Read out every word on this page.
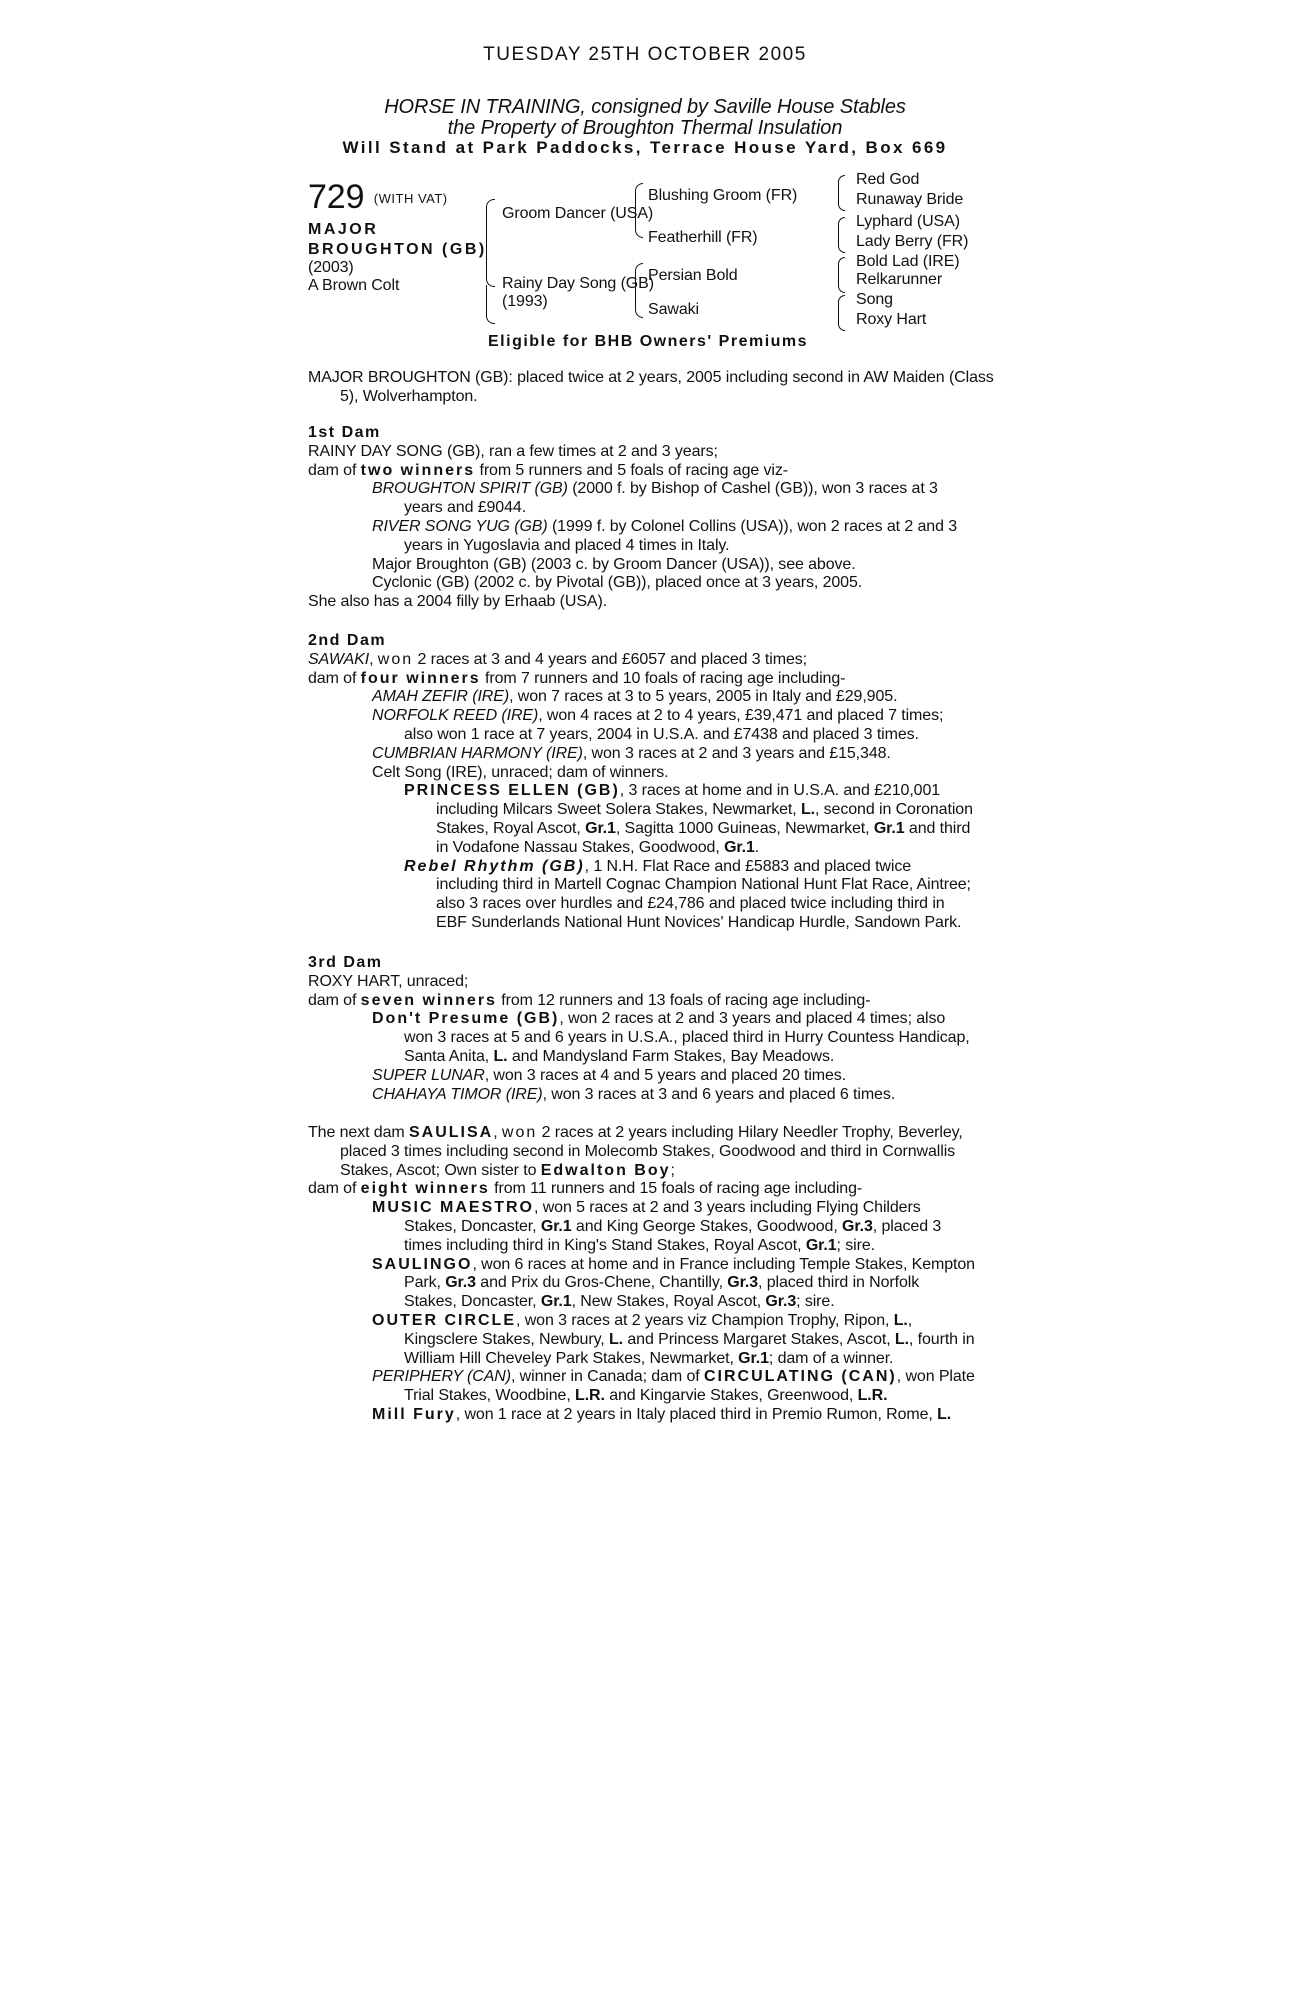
TUESDAY 25TH OCTOBER 2005
HORSE IN TRAINING, consigned by Saville House Stables
the Property of Broughton Thermal Insulation
Will Stand at Park Paddocks, Terrace House Yard, Box 669
729 (WITH VAT)
MAJOR
BROUGHTON (GB)
(2003)
A Brown Colt
Groom Dancer (USA)
Rainy Day Song (GB)
(1993)
Blushing Groom (FR)
Featherhill (FR)
Persian Bold
Sawaki
Red God
Runaway Bride
Lyphard (USA)
Lady Berry (FR)
Bold Lad (IRE)
Relkarunner
Song
Roxy Hart
Eligible for BHB Owners' Premiums
MAJOR BROUGHTON (GB): placed twice at 2 years, 2005 including second in AW Maiden (Class 5), Wolverhampton.

1st Dam

RAINY DAY SONG (GB), ran a few times at 2 and 3 years;

dam of two winners from 5 runners and 5 foals of racing age viz-

BROUGHTON SPIRIT (GB) (2000 f. by Bishop of Cashel (GB)), won 3 races at 3 years and £9044.

RIVER SONG YUG (GB) (1999 f. by Colonel Collins (USA)), won 2 races at 2 and 3 years in Yugoslavia and placed 4 times in Italy.

Major Broughton (GB) (2003 c. by Groom Dancer (USA)), see above.

Cyclonic (GB) (2002 c. by Pivotal (GB)), placed once at 3 years, 2005.

She also has a 2004 filly by Erhaab (USA).

2nd Dam

SAWAKI, won 2 races at 3 and 4 years and £6057 and placed 3 times;

dam of four winners from 7 runners and 10 foals of racing age including-

AMAH ZEFIR (IRE), won 7 races at 3 to 5 years, 2005 in Italy and £29,905.

NORFOLK REED (IRE), won 4 races at 2 to 4 years, £39,471 and placed 7 times; also won 1 race at 7 years, 2004 in U.S.A. and £7438 and placed 3 times.

CUMBRIAN HARMONY (IRE), won 3 races at 2 and 3 years and £15,348.

Celt Song (IRE), unraced; dam of winners.

PRINCESS ELLEN (GB), 3 races at home and in U.S.A. and £210,001 including Milcars Sweet Solera Stakes, Newmarket, L., second in Coronation Stakes, Royal Ascot, Gr.1, Sagitta 1000 Guineas, Newmarket, Gr.1 and third in Vodafone Nassau Stakes, Goodwood, Gr.1.

Rebel Rhythm (GB), 1 N.H. Flat Race and £5883 and placed twice including third in Martell Cognac Champion National Hunt Flat Race, Aintree; also 3 races over hurdles and £24,786 and placed twice including third in EBF Sunderlands National Hunt Novices' Handicap Hurdle, Sandown Park.

3rd Dam

ROXY HART, unraced;

dam of seven winners from 12 runners and 13 foals of racing age including-

Don't Presume (GB), won 2 races at 2 and 3 years and placed 4 times; also won 3 races at 5 and 6 years in U.S.A., placed third in Hurry Countess Handicap, Santa Anita, L. and Mandysland Farm Stakes, Bay Meadows.

SUPER LUNAR, won 3 races at 4 and 5 years and placed 20 times.

CHAHAYA TIMOR (IRE), won 3 races at 3 and 6 years and placed 6 times.

The next dam SAULISA, won 2 races at 2 years including Hilary Needler Trophy, Beverley, placed 3 times including second in Molecomb Stakes, Goodwood and third in Cornwallis Stakes, Ascot; Own sister to Edwalton Boy;

dam of eight winners from 11 runners and 15 foals of racing age including-

MUSIC MAESTRO, won 5 races at 2 and 3 years including Flying Childers Stakes, Doncaster, Gr.1 and King George Stakes, Goodwood, Gr.3, placed 3 times including third in King's Stand Stakes, Royal Ascot, Gr.1; sire.

SAULINGO, won 6 races at home and in France including Temple Stakes, Kempton Park, Gr.3 and Prix du Gros-Chene, Chantilly, Gr.3, placed third in Norfolk Stakes, Doncaster, Gr.1, New Stakes, Royal Ascot, Gr.3; sire.

OUTER CIRCLE, won 3 races at 2 years viz Champion Trophy, Ripon, L., Kingsclere Stakes, Newbury, L. and Princess Margaret Stakes, Ascot, L., fourth in William Hill Cheveley Park Stakes, Newmarket, Gr.1; dam of a winner.

PERIPHERY (CAN), winner in Canada; dam of CIRCULATING (CAN), won Plate Trial Stakes, Woodbine, L.R. and Kingarvie Stakes, Greenwood, L.R.

Mill Fury, won 1 race at 2 years in Italy placed third in Premio Rumon, Rome, L.
